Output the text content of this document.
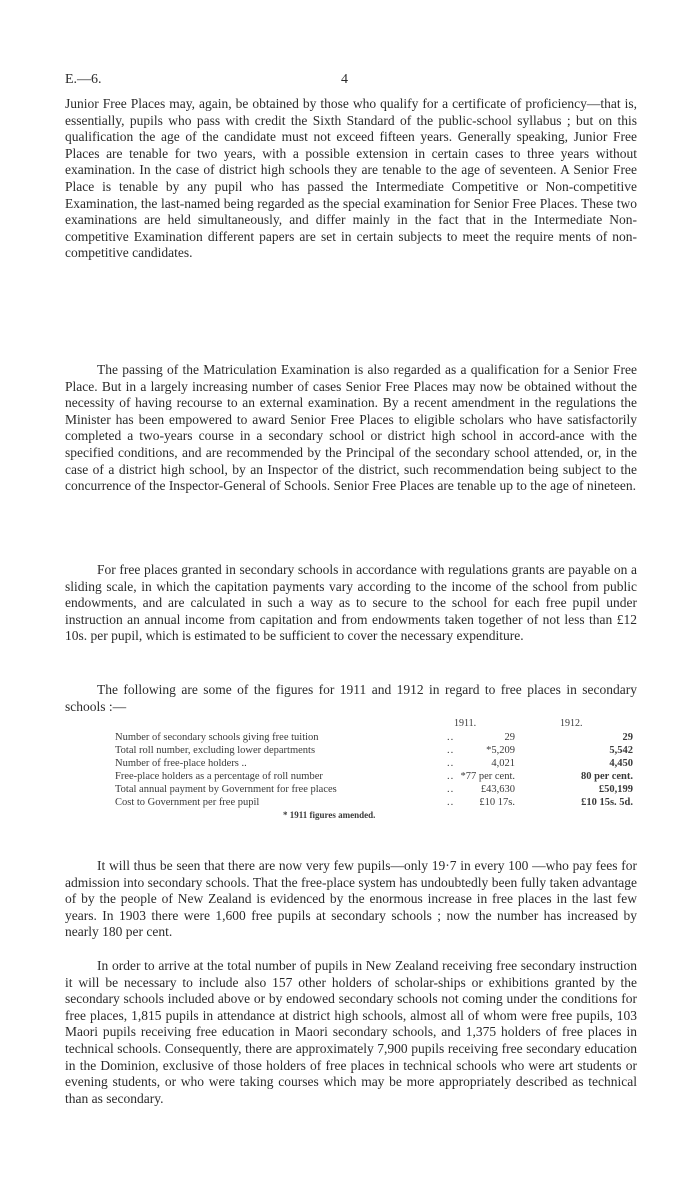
E.—6.	4

Junior Free Places may, again, be obtained by those who qualify for a certificate of proficiency—that is, essentially, pupils who pass with credit the Sixth Standard of the public-school syllabus ; but on this qualification the age of the candidate must not exceed fifteen years. Generally speaking, Junior Free Places are tenable for two years, with a possible extension in certain cases to three years without examination. In the case of district high schools they are tenable to the age of seventeen. A Senior Free Place is tenable by any pupil who has passed the Intermediate Competitive or Non-competitive Examination, the last-named being regarded as the special examination for Senior Free Places. These two examinations are held simultaneously, and differ mainly in the fact that in the Intermediate Non-competitive Examination different papers are set in certain subjects to meet the require ments of non-competitive candidates.

The passing of the Matriculation Examination is also regarded as a qualification for a Senior Free Place. But in a largely increasing number of cases Senior Free Places may now be obtained without the necessity of having recourse to an external examination. By a recent amendment in the regulations the Minister has been empowered to award Senior Free Places to eligible scholars who have satisfactorily completed a two-years course in a secondary school or district high school in accord-ance with the specified conditions, and are recommended by the Principal of the secondary school attended, or, in the case of a district high school, by an Inspector of the district, such recommendation being subject to the concurrence of the Inspector-General of Schools. Senior Free Places are tenable up to the age of nineteen.

For free places granted in secondary schools in accordance with regulations grants are payable on a sliding scale, in which the capitation payments vary according to the income of the school from public endowments, and are calculated in such a way as to secure to the school for each free pupil under instruction an annual income from capitation and from endowments taken together of not less than £12 10s. per pupil, which is estimated to be sufficient to cover the necessary expenditure.

The following are some of the figures for 1911 and 1912 in regard to free places in secondary schools :—

1911.	1912.
Number of secondary schools giving free tuition	..	29	29
Total roll number, excluding lower departments	..	*5,209	5,542
Number of free-place holders ..	..	4,021	4,450
Free-place holders as a percentage of roll number	.. *77 per cent.	80 per cent.
Total annual payment by Government for free places	..	£43,630	£50,199
Cost to Government per free pupil	.. £10 17s.	£10 15s. 5d.
* 1911 figures amended.

It will thus be seen that there are now very few pupils—only 19·7 in every 100 —who pay fees for admission into secondary schools. That the free-place system has undoubtedly been fully taken advantage of by the people of New Zealand is evidenced by the enormous increase in free places in the last few years. In 1903 there were 1,600 free pupils at secondary schools ; now the number has increased by nearly 180 per cent.

In order to arrive at the total number of pupils in New Zealand receiving free secondary instruction it will be necessary to include also 157 other holders of scholar-ships or exhibitions granted by the secondary schools included above or by endowed secondary schools not coming under the conditions for free places, 1,815 pupils in attendance at district high schools, almost all of whom were free pupils, 103 Maori pupils receiving free education in Maori secondary schools, and 1,375 holders of free places in technical schools. Consequently, there are approximately 7,900 pupils receiving free secondary education in the Dominion, exclusive of those holders of free places in technical schools who were art students or evening students, or who were taking courses which may be more appropriately described as technical than as secondary.
